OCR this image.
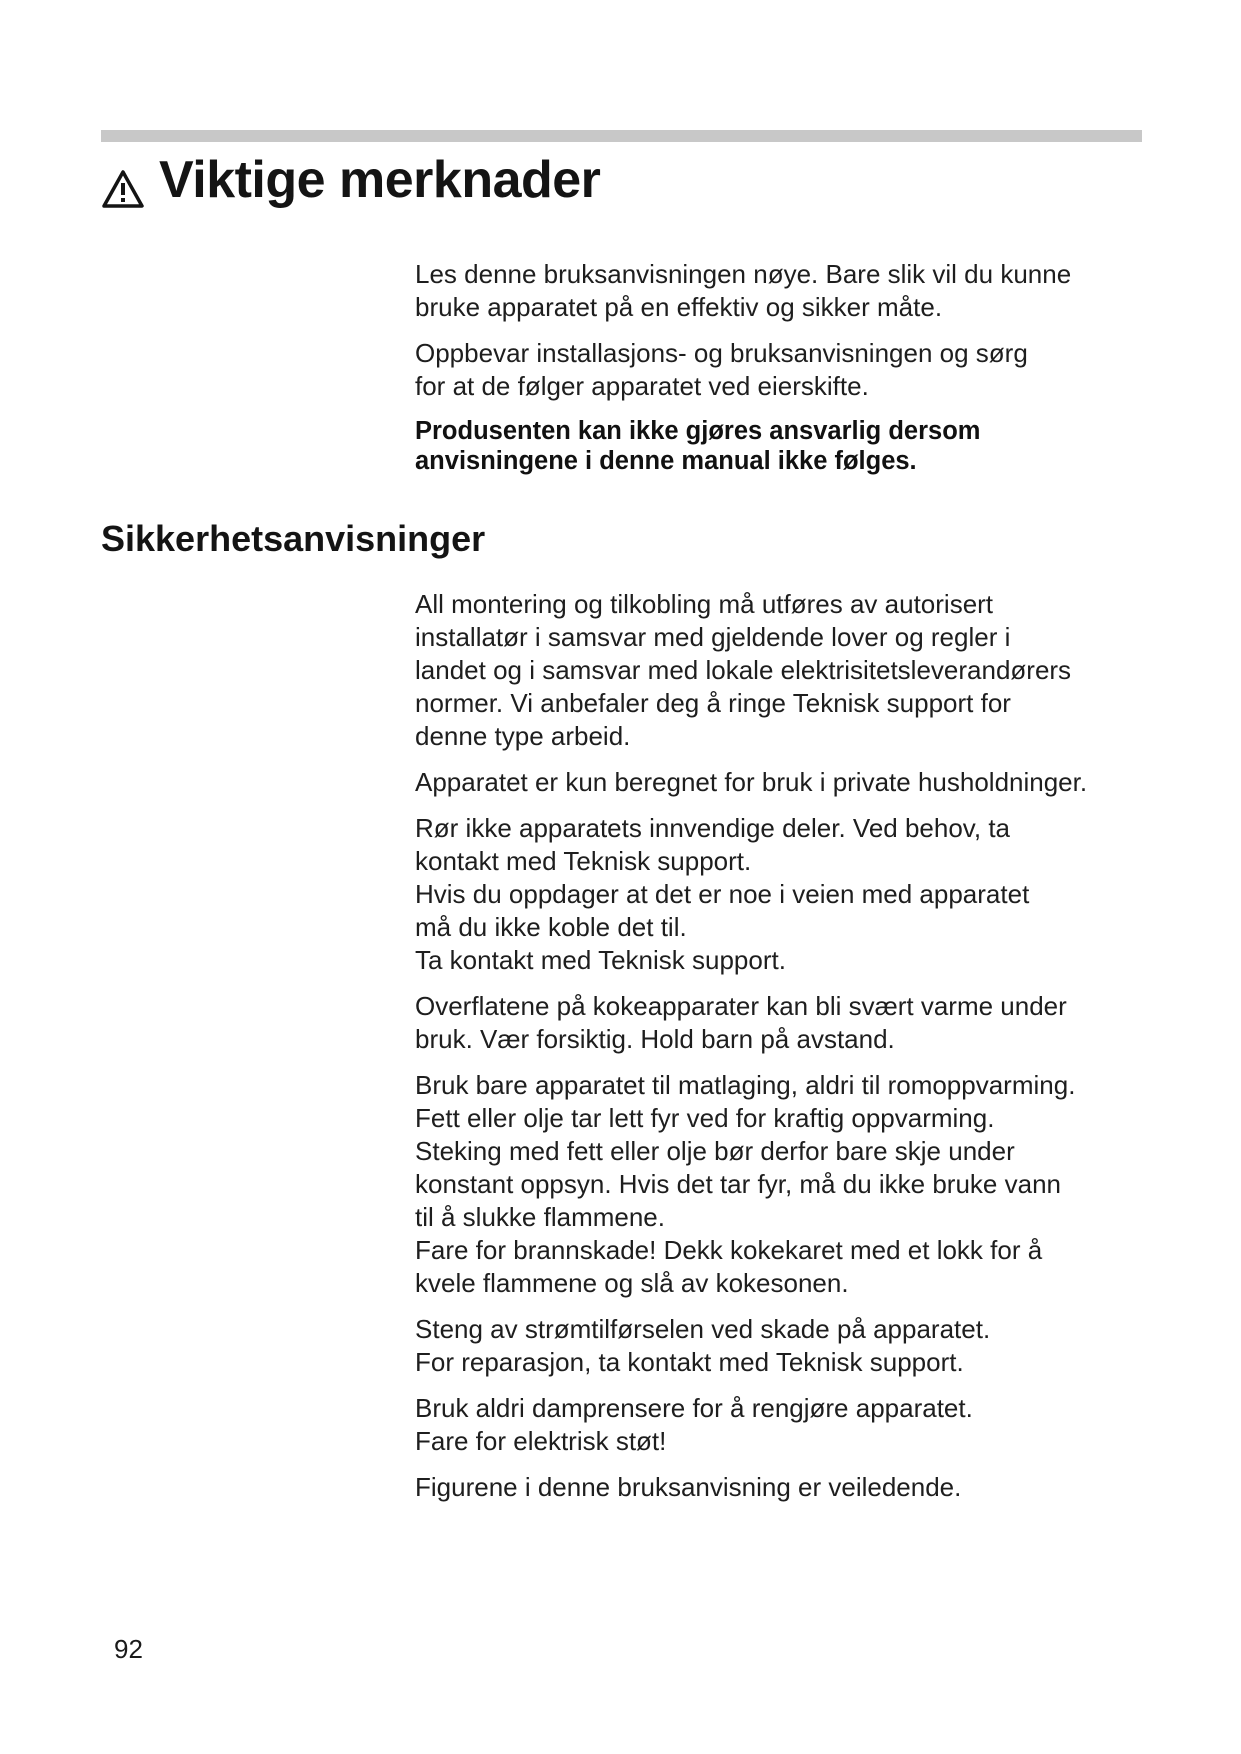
Viktige merknader

Les denne bruksanvisningen nøye. Bare slik vil du kunne
bruke apparatet på en effektiv og sikker måte.

Oppbevar installasjons- og bruksanvisningen og sørg
for at de følger apparatet ved eierskifte.

Produsenten kan ikke gjøres ansvarlig dersom
anvisningene i denne manual ikke følges.

Sikkerhetsanvisninger

All montering og tilkobling må utføres av autorisert
installatør i samsvar med gjeldende lover og regler i
landet og i samsvar med lokale elektrisitetsleverandørers
normer. Vi anbefaler deg å ringe Teknisk support for
denne type arbeid.

Apparatet er kun beregnet for bruk i private husholdninger.

Rør ikke apparatets innvendige deler. Ved behov, ta
kontakt med Teknisk support.
Hvis du oppdager at det er noe i veien med apparatet
må du ikke koble det til.
Ta kontakt med Teknisk support.

Overflatene på kokeapparater kan bli svært varme under
bruk. Vær forsiktig. Hold barn på avstand.

Bruk bare apparatet til matlaging, aldri til romoppvarming.
Fett eller olje tar lett fyr ved for kraftig oppvarming.
Steking med fett eller olje bør derfor bare skje under
konstant oppsyn. Hvis det tar fyr, må du ikke bruke vann
til å slukke flammene.
Fare for brannskade! Dekk kokekaret med et lokk for å
kvele flammene og slå av kokesonen.

Steng av strømtilførselen ved skade på apparatet.
For reparasjon, ta kontakt med Teknisk support.

Bruk aldri damprensere for å rengjøre apparatet.
Fare for elektrisk støt!

Figurene i denne bruksanvisning er veiledende.

92
